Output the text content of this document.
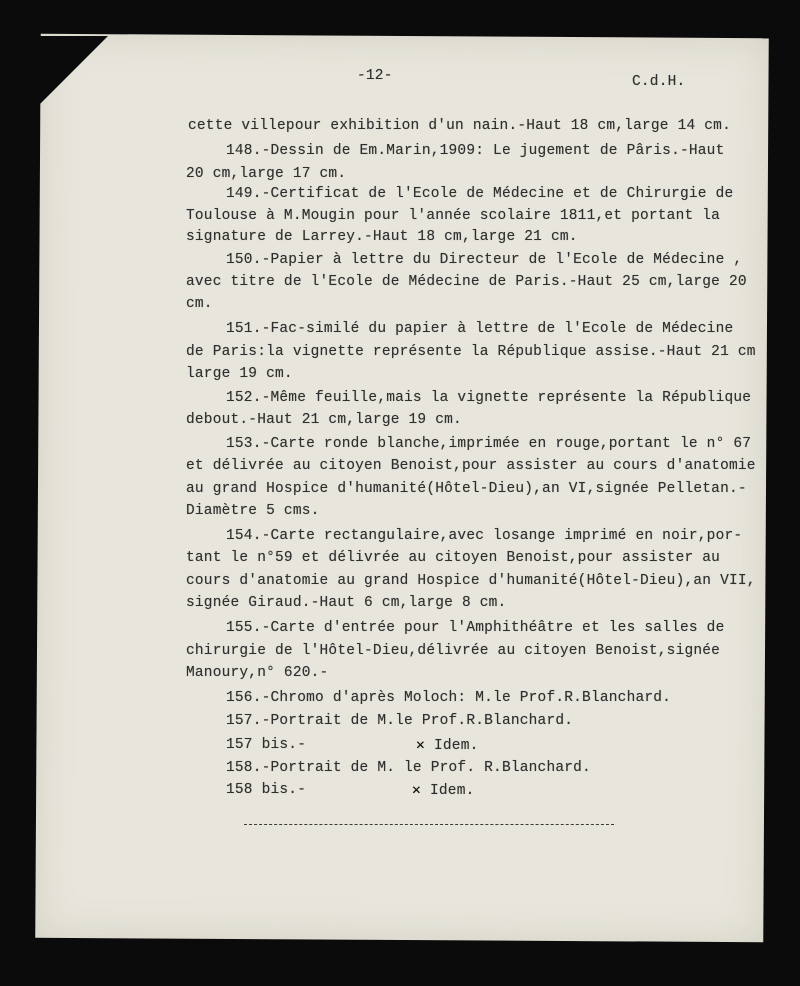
-12-	C.d.H.
cette villepour exhibition d'un nain.-Haut 18 cm,large 14 cm.
148.-Dessin de Em.Marin,1909: Le jugement de Pâris.-Haut
20 cm,large 17 cm.
149.-Certificat de l'Ecole de Médecine et de Chirurgie de
Toulouse à M.Mougin pour l'année scolaire 1811,et portant la
signature de Larrey.-Haut 18 cm,large 21 cm.
150.-Papier à lettre du Directeur de l'Ecole de Médecine ,
avec titre de l'Ecole de Médecine de Paris.-Haut 25 cm,large 20
cm.
151.-Fac-similé du papier à lettre de l'Ecole de Médecine
de Paris:la vignette représente la République assise.-Haut 21 cm
large 19 cm.
152.-Même feuille,mais la vignette représente la République
debout.-Haut 21 cm,large 19 cm.
153.-Carte ronde blanche,imprimée en rouge,portant le n° 67
et délivrée au citoyen Benoist,pour assister au cours d'anatomie
au grand Hospice d'humanité(Hôtel-Dieu),an VI,signée Pelletan.-
Diamètre 5 cms.
154.-Carte rectangulaire,avec losange imprimé en noir,por-
tant le n°59 et délivrée au citoyen Benoist,pour assister au
cours d'anatomie au grand Hospice d'humanité(Hôtel-Dieu),an VII,
signée Giraud.-Haut 6 cm,large 8 cm.
155.-Carte d'entrée pour l'Amphithéâtre et les salles de
chirurgie de l'Hôtel-Dieu,délivrée au citoyen Benoist,signée
Manoury,n° 620.-
156.-Chromo d'après Moloch: M.le Prof.R.Blanchard.
157.-Portrait de M.le Prof.R.Blanchard.
157 bis.-	✕ Idem.
158.-Portrait de M. le Prof. R.Blanchard.
158 bis.-	✕ Idem.
